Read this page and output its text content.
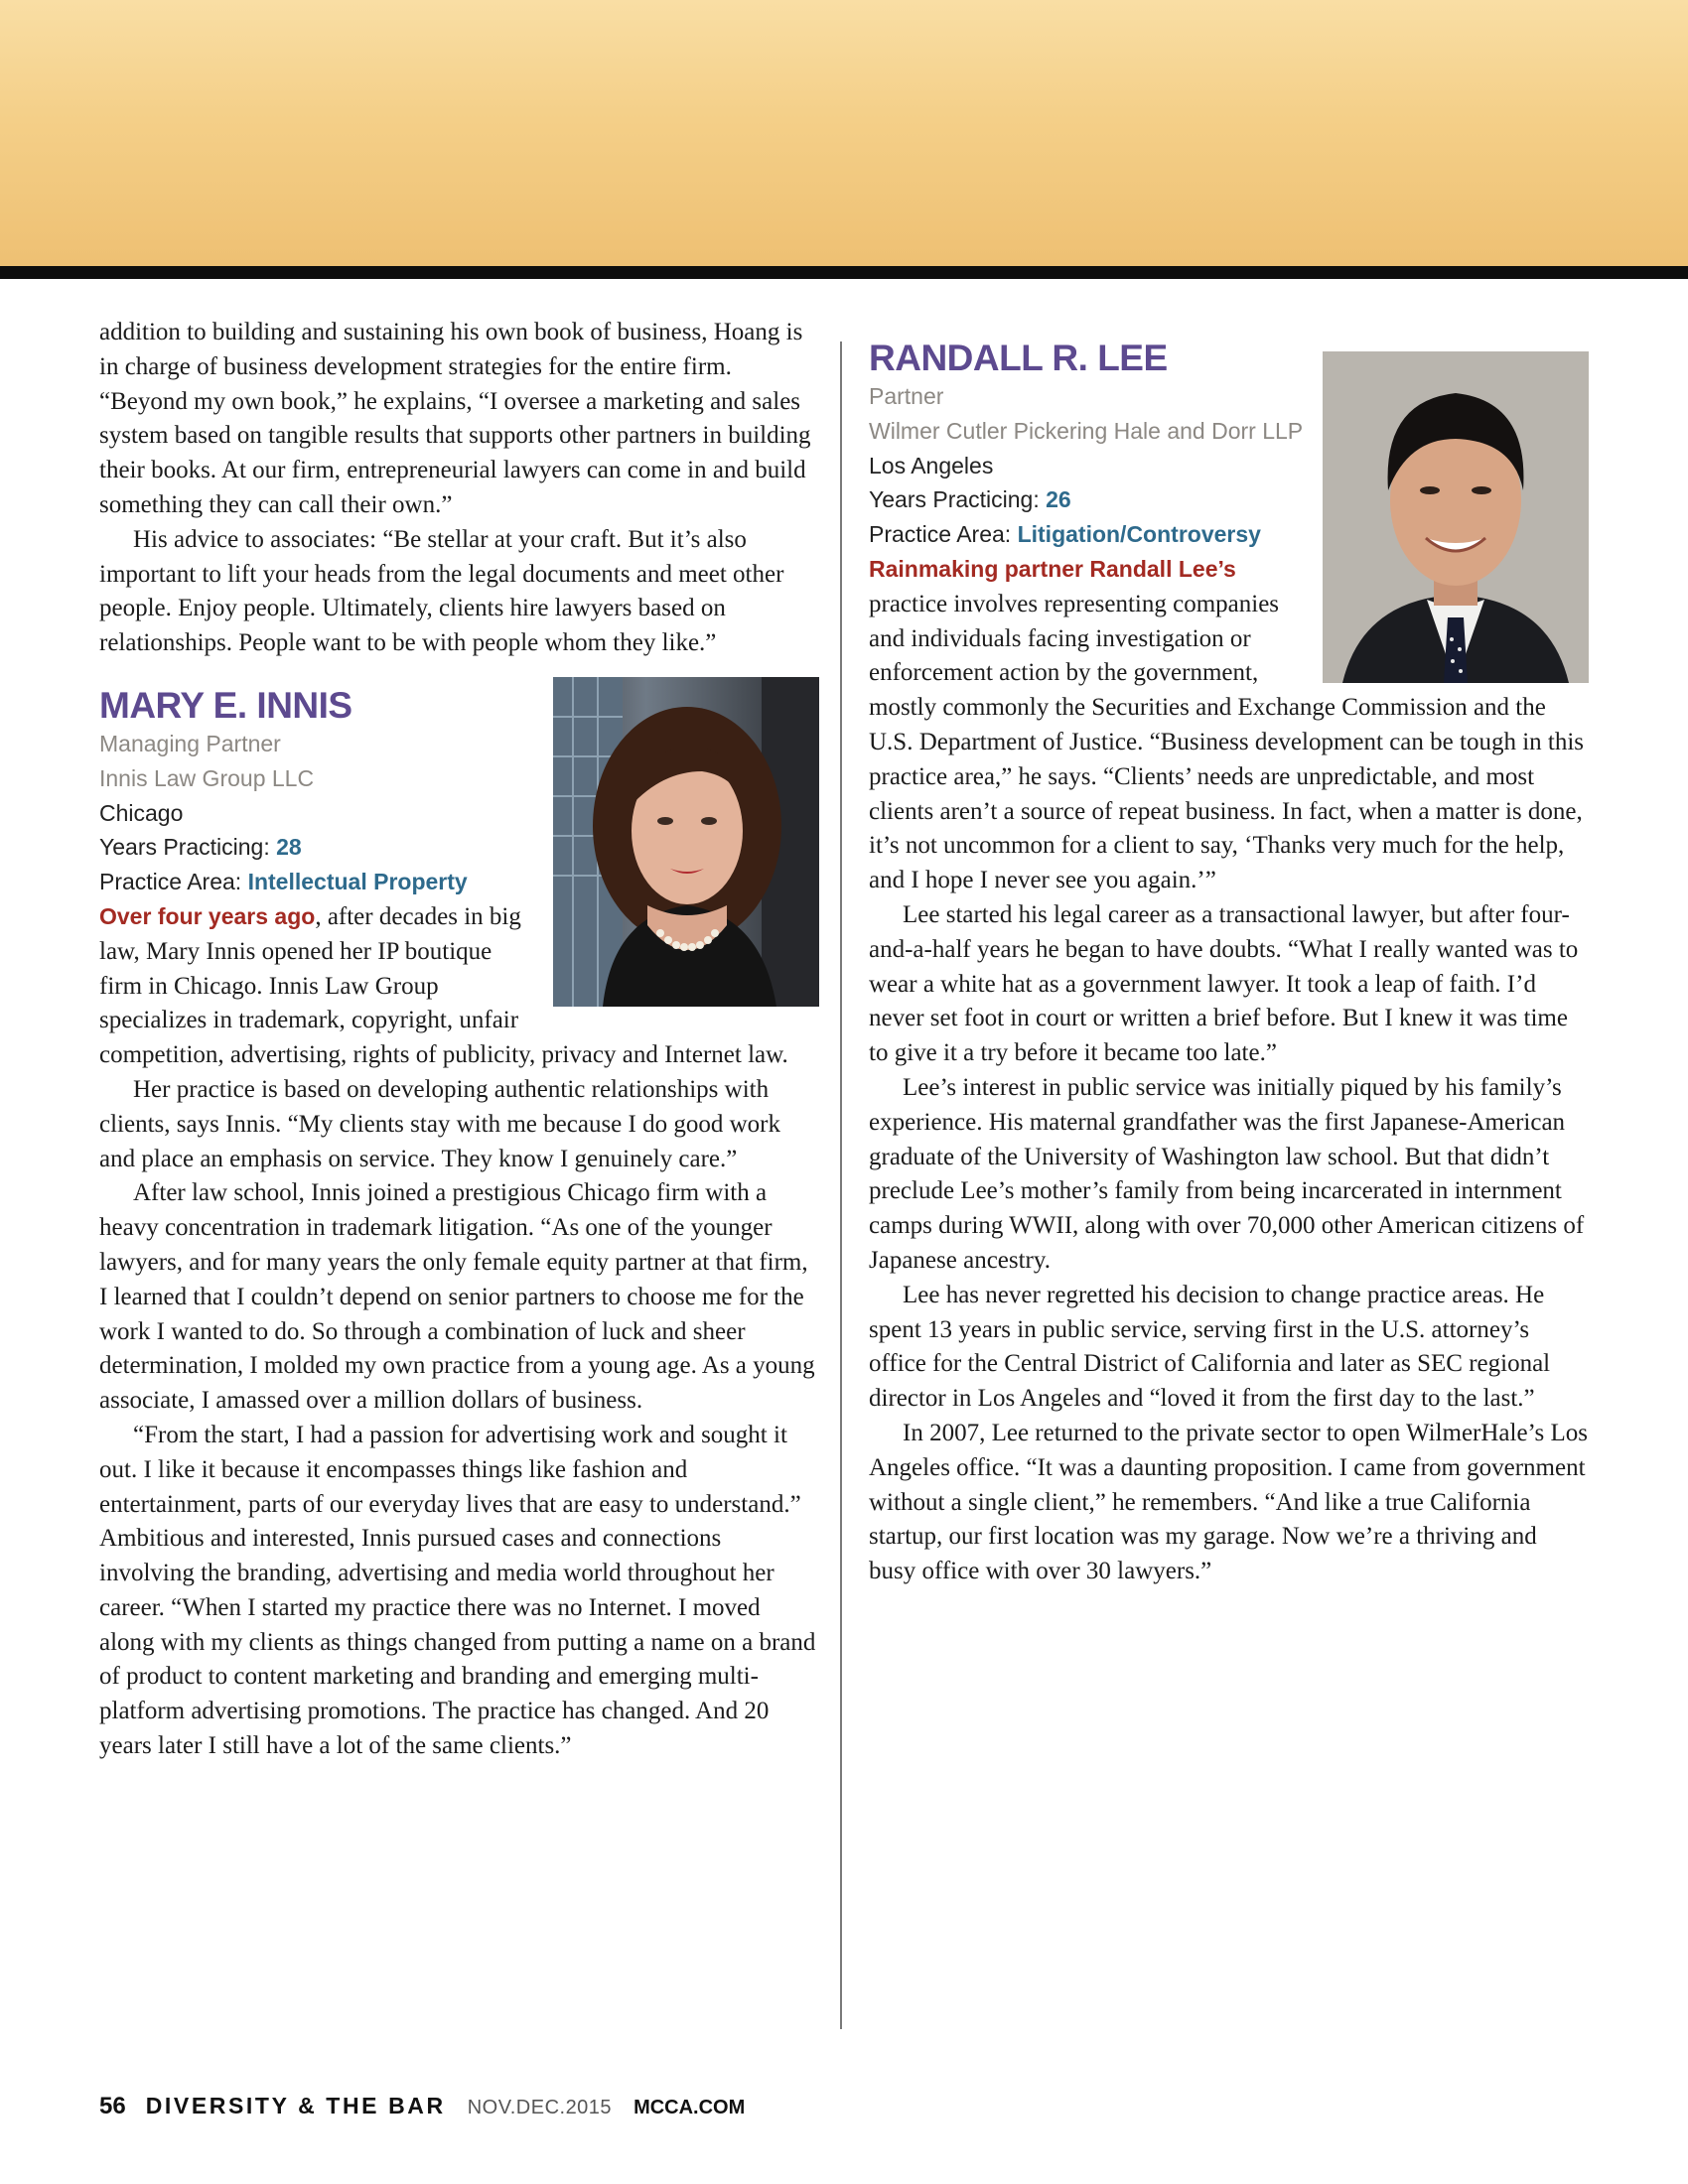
addition to building and sustaining his own book of business, Hoang is in charge of business development strategies for the entire firm. “Beyond my own book,” he explains, “I oversee a marketing and sales system based on tangible results that supports other partners in building their books. At our firm, entrepreneurial lawyers can come in and build something they can call their own.”

His advice to associates: “Be stellar at your craft. But it’s also important to lift your heads from the legal documents and meet other people. Enjoy people. Ultimately, clients hire lawyers based on relationships. People want to be with people whom they like.”

MARY E. INNIS
Managing Partner
Innis Law Group LLC
Chicago
Years Practicing: 28
Practice Area: Intellectual Property

Over four years ago, after decades in big law, Mary Innis opened her IP boutique firm in Chicago. Innis Law Group specializes in trademark, copyright, unfair competition, advertising, rights of publicity, privacy and Internet law.

Her practice is based on developing authentic relationships with clients, says Innis. “My clients stay with me because I do good work and place an emphasis on service. They know I genuinely care.”

After law school, Innis joined a prestigious Chicago firm with a heavy concentration in trademark litigation. “As one of the younger lawyers, and for many years the only female equity partner at that firm, I learned that I couldn’t depend on senior partners to choose me for the work I wanted to do. So through a combination of luck and sheer determination, I molded my own practice from a young age. As a young associate, I amassed over a million dollars of business.

“From the start, I had a passion for advertising work and sought it out. I like it because it encompasses things like fashion and entertainment, parts of our everyday lives that are easy to understand.” Ambitious and interested, Innis pursued cases and connections involving the branding, advertising and media world throughout her career. “When I started my practice there was no Internet. I moved along with my clients as things changed from putting a name on a brand of product to content marketing and branding and emerging multi-platform advertising promotions. The practice has changed. And 20 years later I still have a lot of the same clients.”

RANDALL R. LEE
Partner
Wilmer Cutler Pickering Hale and Dorr LLP
Los Angeles
Years Practicing: 26
Practice Area: Litigation/Controversy

Rainmaking partner Randall Lee’s practice involves representing companies and individuals facing investigation or enforcement action by the government, mostly commonly the Securities and Exchange Commission and the U.S. Department of Justice. “Business development can be tough in this practice area,” he says. “Clients’ needs are unpredictable, and most clients aren’t a source of repeat business. In fact, when a matter is done, it’s not uncommon for a client to say, ‘Thanks very much for the help, and I hope I never see you again.’”

Lee started his legal career as a transactional lawyer, but after four-and-a-half years he began to have doubts. “What I really wanted was to wear a white hat as a government lawyer. It took a leap of faith. I’d never set foot in court or written a brief before. But I knew it was time to give it a try before it became too late.”

Lee’s interest in public service was initially piqued by his family’s experience. His maternal grandfather was the first Japanese-American graduate of the University of Washington law school. But that didn’t preclude Lee’s mother’s family from being incarcerated in internment camps during WWII, along with over 70,000 other American citizens of Japanese ancestry.

Lee has never regretted his decision to change practice areas. He spent 13 years in public service, serving first in the U.S. attorney’s office for the Central District of California and later as SEC regional director in Los Angeles and “loved it from the first day to the last.”

In 2007, Lee returned to the private sector to open WilmerHale’s Los Angeles office. “It was a daunting proposition. I came from government without a single client,” he remembers. “And like a true California startup, our first location was my garage. Now we’re a thriving and busy office with over 30 lawyers.”

56 DIVERSITY & THE BAR NOV.DEC.2015 MCCA.COM
